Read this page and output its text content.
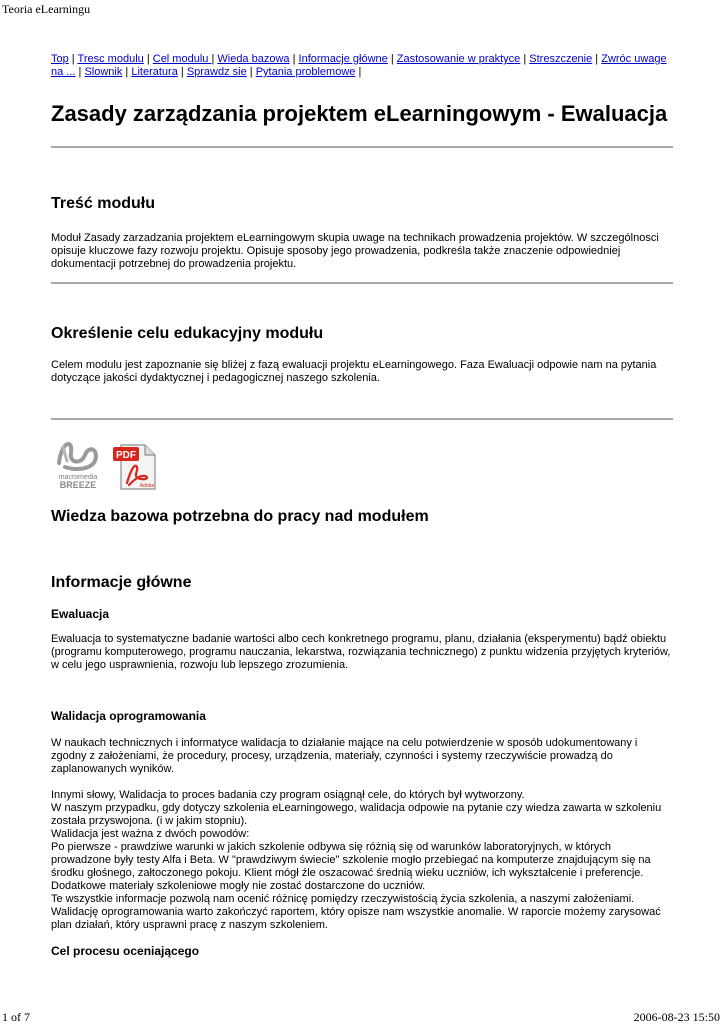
Teoria eLearningu
Top | Tresc modulu | Cel modulu | Wieda bazowa | Informacje główne | Zastosowanie w praktyce | Streszczenie | Zwróc uwage na ... | Slownik | Literatura | Sprawdz sie | Pytania problemowe |
Zasady zarządzania projektem eLearningowym - Ewaluacja
Treść modułu

Moduł Zasady zarzadzania projektem eLearningowym skupia uwage na technikach prowadzenia projektów. W szczególnosci opisuje kluczowe fazy rozwoju projektu. Opisuje sposoby jego prowadzenia, podkreśla także znaczenie odpowiedniej dokumentacji potrzebnej do prowadzenia projektu.

Określenie celu edukacyjny modułu

Celem modulu jest zapoznanie się bliżej z fazą ewaluacji projektu eLearningowego. Faza Ewaluacji odpowie nam na pytania dotyczące jakości dydaktycznej i pedagogicznej naszego szkolenia.

macromedia
BREEZE
PDF
Adobe
Wiedza bazowa potrzebna do pracy nad modułem
Informacje główne
Ewaluacja

Ewaluacja to systematyczne badanie wartości albo cech konkretnego programu, planu, działania (eksperymentu) bądź obiektu (programu komputerowego, programu nauczania, lekarstwa, rozwiązania technicznego) z punktu widzenia przyjętych kryteriów, w celu jego usprawnienia, rozwoju lub lepszego zrozumienia.

Walidacja oprogramowania

W naukach technicznych i informatyce walidacja to działanie mające na celu potwierdzenie w sposób udokumentowany i zgodny z założeniami, że procedury, procesy, urządzenia, materiały, czynności i systemy rzeczywiście prowadzą do zaplanowanych wyników.

Innymi słowy, Walidacja to proces badania czy program osiągnął cele, do których był wytworzony.

W naszym przypadku, gdy dotyczy szkolenia eLearningowego, walidacja odpowie na pytanie czy wiedza zawarta w szkoleniu została przyswojona. (i w jakim stopniu).

Walidacja jest ważna z dwóch powodów:

Po pierwsze - prawdziwe warunki w jakich szkolenie odbywa się różnią się od warunków laboratoryjnych, w których prowadzone były testy Alfa i Beta. W "prawdziwym świecie" szkolenie mogło przebiegać na komputerze znajdującym się na środku głośnego, załtoczonego pokoju. Klient mógł źle oszacować średnią wieku uczniów, ich wykształcenie i preferencje. Dodatkowe materiały szkoleniowe mogły nie zostać dostarczone do uczniów.

Te wszystkie informacje pozwolą nam ocenić różnicę pomiędzy rzeczywistością życia szkolenia, a naszymi założeniami.

Walidację oprogramowania warto zakończyć raportem, który opisze nam wszystkie anomalie. W raporcie możemy zarysować plan działań, który usprawni pracę z naszym szkoleniem.

Cel procesu oceniającego
1 of 7	2006-08-23 15:50
